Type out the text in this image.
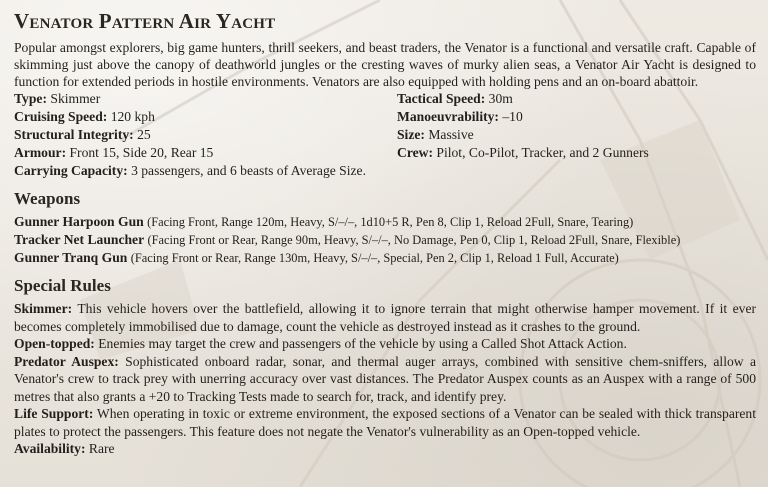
Venator Pattern Air Yacht

Popular amongst explorers, big game hunters, thrill seekers, and beast traders, the Venator is a functional and versatile craft. Capable of skimming just above the canopy of deathworld jungles or the cresting waves of murky alien seas, a Venator Air Yacht is designed to function for extended periods in hostile environments. Venators are also equipped with holding pens and an on-board abattoir.

Type: Skimmer	Tactical Speed: 30m
Cruising Speed: 120 kph	Manoeuvrability: –10
Structural Integrity: 25	Size: Massive
Armour: Front 15, Side 20, Rear 15	Crew: Pilot, Co-Pilot, Tracker, and 2 Gunners
Carrying Capacity: 3 passengers, and 6 beasts of Average Size.
Weapons
Gunner Harpoon Gun (Facing Front, Range 120m, Heavy, S/–/–, 1d10+5 R, Pen 8, Clip 1, Reload 2Full, Snare, Tearing)
Tracker Net Launcher (Facing Front or Rear, Range 90m, Heavy, S/–/–, No Damage, Pen 0, Clip 1, Reload 2Full, Snare, Flexible)
Gunner Tranq Gun (Facing Front or Rear, Range 130m, Heavy, S/–/–, Special, Pen 2, Clip 1, Reload 1 Full, Accurate)
Special Rules
Skimmer: This vehicle hovers over the battlefield, allowing it to ignore terrain that might otherwise hamper movement. If it ever becomes completely immobilised due to damage, count the vehicle as destroyed instead as it crashes to the ground.
Open-topped: Enemies may target the crew and passengers of the vehicle by using a Called Shot Attack Action.
Predator Auspex: Sophisticated onboard radar, sonar, and thermal auger arrays, combined with sensitive chem-sniffers, allow a Venator's crew to track prey with unerring accuracy over vast distances. The Predator Auspex counts as an Auspex with a range of 500 metres that also grants a +20 to Tracking Tests made to search for, track, and identify prey.
Life Support: When operating in toxic or extreme environment, the exposed sections of a Venator can be sealed with thick transparent plates to protect the passengers. This feature does not negate the Venator's vulnerability as an Open-topped vehicle.
Availability: Rare
